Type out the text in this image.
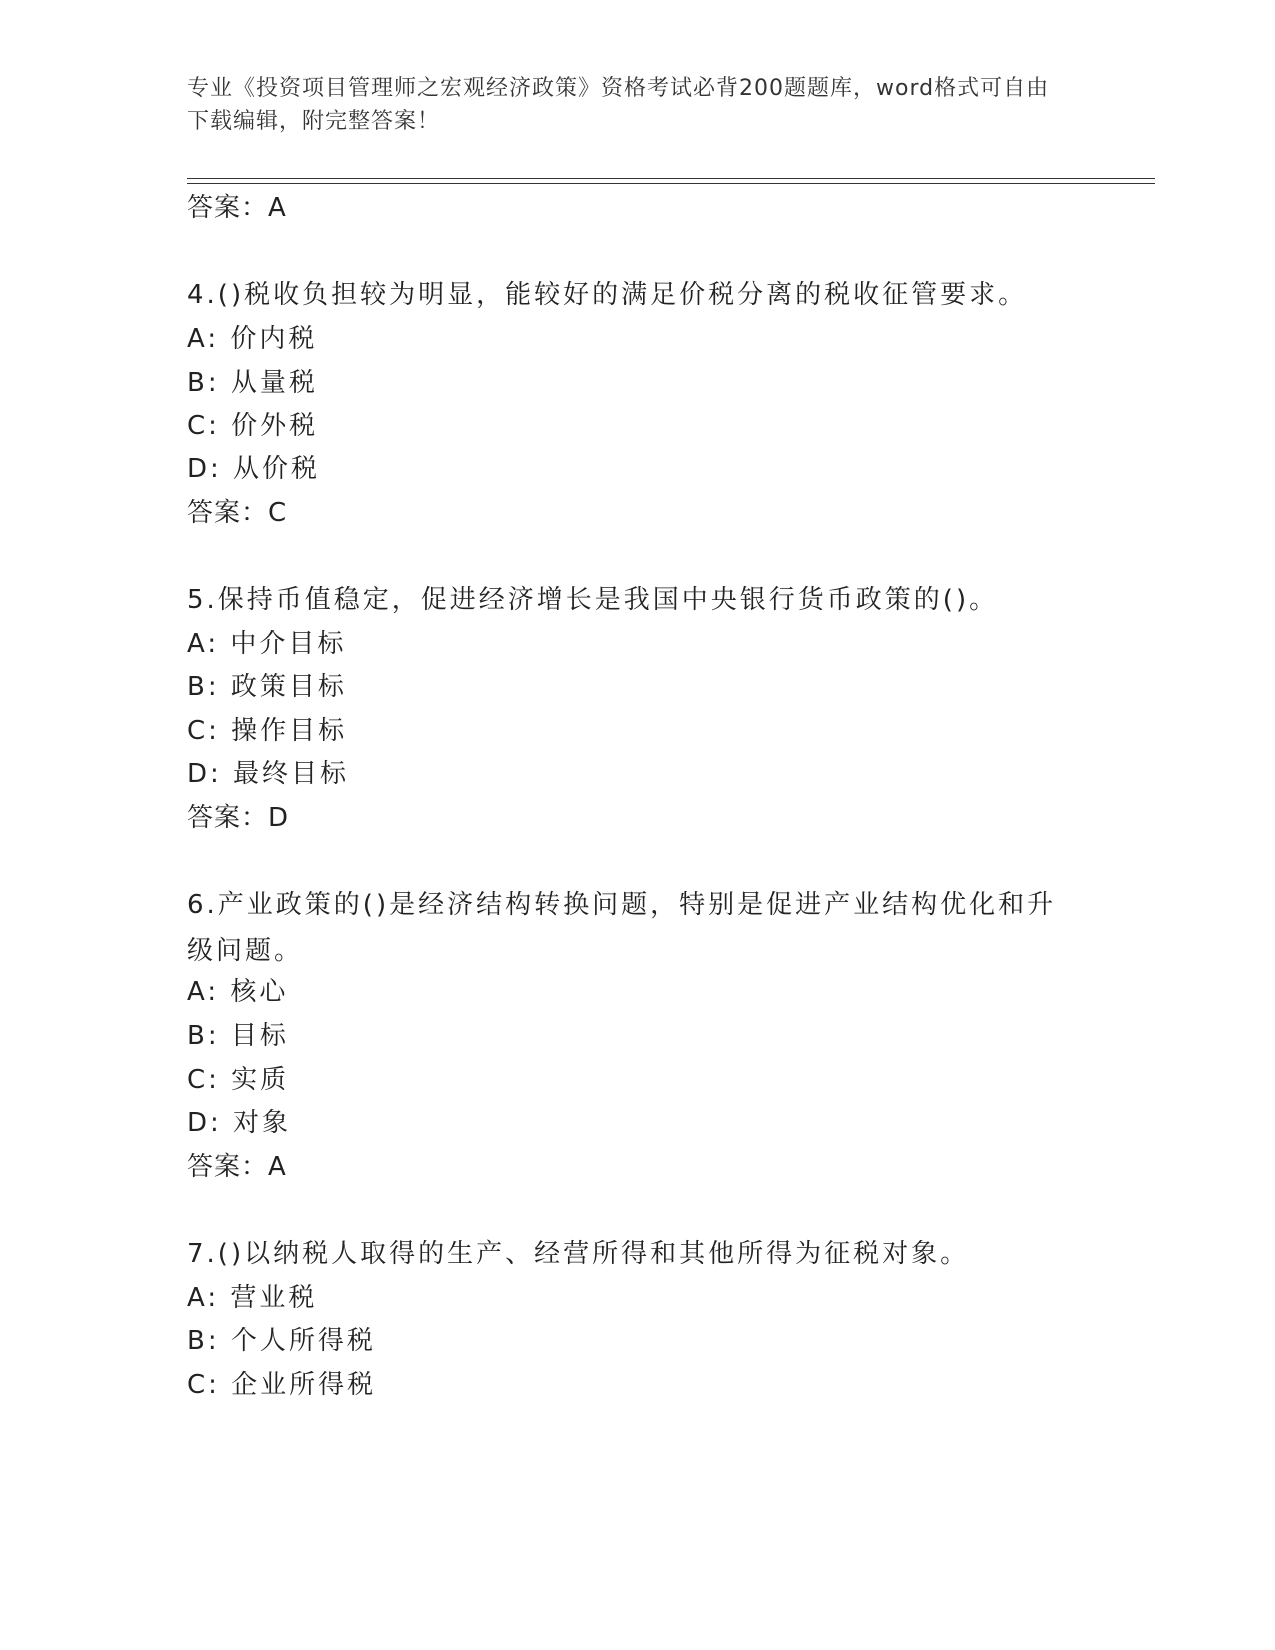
专业《投资项目管理师之宏观经济政策》资格考试必背200题题库，word格式可自由下载编辑，附完整答案！
答案：A
4.()税收负担较为明显，能较好的满足价税分离的税收征管要求。
A: 价内税
B: 从量税
C: 价外税
D: 从价税
答案：C
5.保持币值稳定，促进经济增长是我国中央银行货币政策的()。
A: 中介目标
B: 政策目标
C: 操作目标
D: 最终目标
答案：D
6.产业政策的()是经济结构转换问题，特别是促进产业结构优化和升级问题。
A: 核心
B: 目标
C: 实质
D: 对象
答案：A
7.()以纳税人取得的生产、经营所得和其他所得为征税对象。
A: 营业税
B: 个人所得税
C: 企业所得税
